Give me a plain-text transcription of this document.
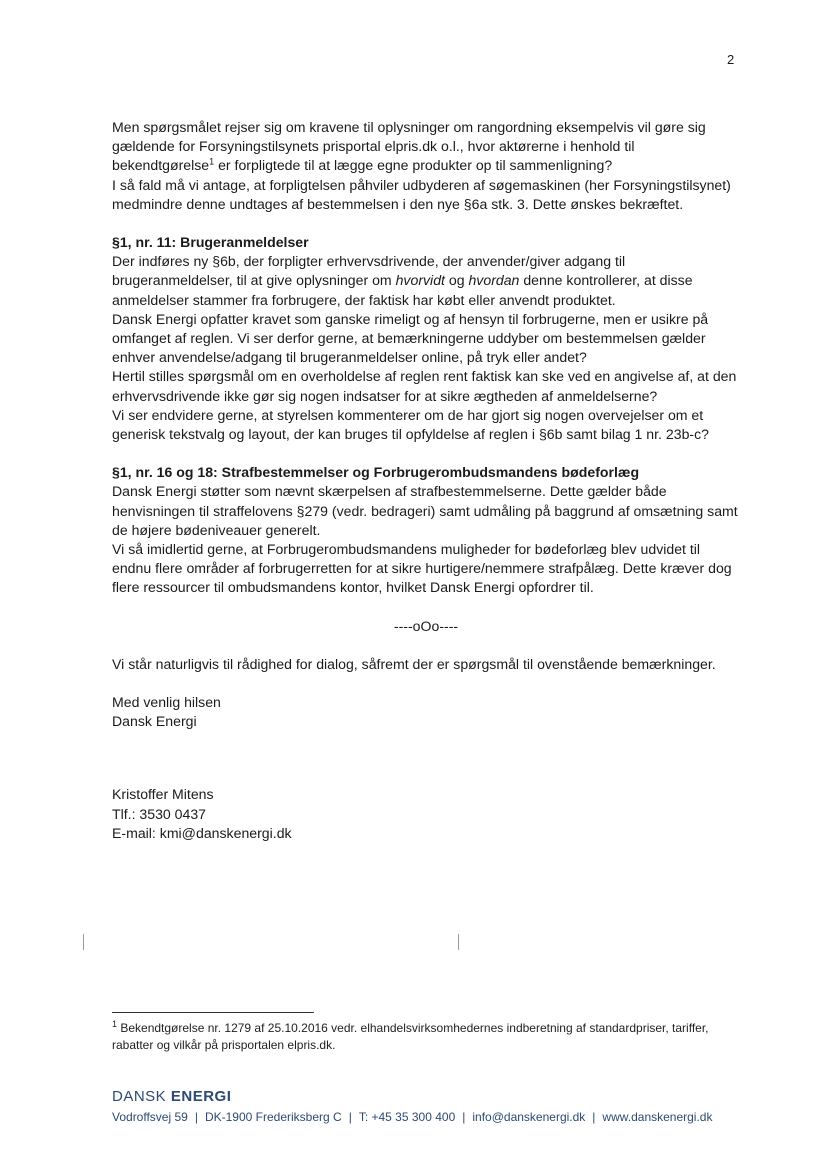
2

Men spørgsmålet rejser sig om kravene til oplysninger om rangordning eksempelvis vil gøre sig gældende for Forsyningstilsynets prisportal elpris.dk o.l., hvor aktørerne i henhold til bekendtgørelse$^1$ er forpligtede til at lægge egne produkter op til sammenligning?

I så fald må vi antage, at forpligtelsen påhviler udbyderen af søgemaskinen (her Forsyningstilsynet) medmindre denne undtages af bestemmelsen i den nye §6a stk. 3. Dette ønskes bekræftet.

§1, nr. 11: Brugeranmeldelser

Der indføres ny §6b, der forpligter erhvervsdrivende, der anvender/giver adgang til brugeranmeldelser, til at give oplysninger om hvorvidt og hvordan denne kontrollerer, at disse anmeldelser stammer fra forbrugere, der faktisk har købt eller anvendt produktet.

Dansk Energi opfatter kravet som ganske rimeligt og af hensyn til forbrugerne, men er usikre på omfanget af reglen. Vi ser derfor gerne, at bemærkningerne uddyber om bestemmelsen gælder enhver anvendelse/adgang til brugeranmeldelser online, på tryk eller andet?

Hertil stilles spørgsmål om en overholdelse af reglen rent faktisk kan ske ved en angivelse af, at den erhvervsdrivende ikke gør sig nogen indsatser for at sikre ægtheden af anmeldelserne?

Vi ser endvidere gerne, at styrelsen kommenterer om de har gjort sig nogen overvejelser om et generisk tekstvalg og layout, der kan bruges til opfyldelse af reglen i §6b samt bilag 1 nr. 23b-c?

§1, nr. 16 og 18: Strafbestemmelser og Forbrugerombudsmandens bødeforlæg

Dansk Energi støtter som nævnt skærpelsen af strafbestemmelserne. Dette gælder både henvisningen til straffelovens §279 (vedr. bedrageri) samt udmåling på baggrund af omsætning samt de højere bødeniveauer generelt.

Vi så imidlertid gerne, at Forbrugerombudsmandens muligheder for bødeforlæg blev udvidet til endnu flere områder af forbrugerretten for at sikre hurtigere/nemmere strafpålæg. Dette kræver dog flere ressourcer til ombudsmandens kontor, hvilket Dansk Energi opfordrer til.

----oOo----

Vi står naturligvis til rådighed for dialog, såfremt der er spørgsmål til ovenstående bemærkninger.

Med venlig hilsen

Dansk Energi

Kristoffer Mitens

Tlf.: 3530 0437

E-mail: kmi@danskenergi.dk

$^1$ Bekendtgørelse nr. 1279 af 25.10.2016 vedr. elhandelsvirksomhedernes indberetning af standardpriser, tariffer, rabatter og vilkår på prisportalen elpris.dk.
DANSK ENERGI
Vodroffsvej 59 | DK-1900 Frederiksberg C | T: +45 35 300 400 | info@danskenergi.dk | www.danskenergi.dk
